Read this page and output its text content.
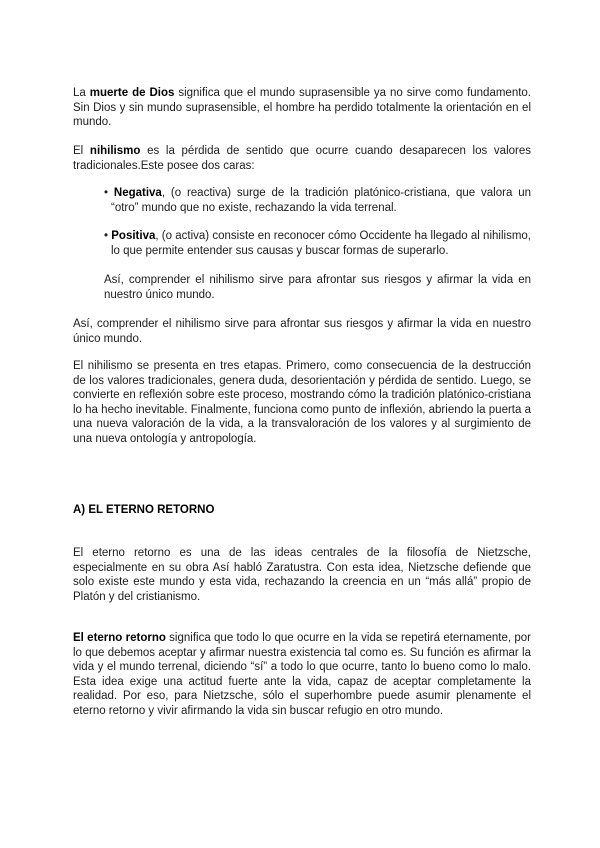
La muerte de Dios significa que el mundo suprasensible ya no sirve como fundamento. Sin Dios y sin mundo suprasensible, el hombre ha perdido totalmente la orientación en el mundo.

El nihilismo es la pérdida de sentido que ocurre cuando desaparecen los valores tradicionales.Este posee dos caras:

• Negativa, (o reactiva) surge de la tradición platónico-cristiana, que valora un “otro” mundo que no existe, rechazando la vida terrenal.

• Positiva, (o activa) consiste en reconocer cómo Occidente ha llegado al nihilismo, lo que permite entender sus causas y buscar formas de superarlo.

Así, comprender el nihilismo sirve para afrontar sus riesgos y afirmar la vida en nuestro único mundo.

Así, comprender el nihilismo sirve para afrontar sus riesgos y afirmar la vida en nuestro único mundo.

El nihilismo se presenta en tres etapas. Primero, como consecuencia de la destrucción de los valores tradicionales, genera duda, desorientación y pérdida de sentido. Luego, se convierte en reflexión sobre este proceso, mostrando cómo la tradición platónico-cristiana lo ha hecho inevitable. Finalmente, funciona como punto de inflexión, abriendo la puerta a una nueva valoración de la vida, a la transvaloración de los valores y al surgimiento de una nueva ontología y antropología.

A) EL ETERNO RETORNO

El eterno retorno es una de las ideas centrales de la filosofía de Nietzsche, especialmente en su obra Así habló Zaratustra. Con esta idea, Nietzsche defiende que solo existe este mundo y esta vida, rechazando la creencia en un “más allá” propio de Platón y del cristianismo.

El eterno retorno significa que todo lo que ocurre en la vida se repetirá eternamente, por lo que debemos aceptar y afirmar nuestra existencia tal como es. Su función es afirmar la vida y el mundo terrenal, diciendo “sí” a todo lo que ocurre, tanto lo bueno como lo malo. Esta idea exige una actitud fuerte ante la vida, capaz de aceptar completamente la realidad. Por eso, para Nietzsche, sólo el superhombre puede asumir plenamente el eterno retorno y vivir afirmando la vida sin buscar refugio en otro mundo.
